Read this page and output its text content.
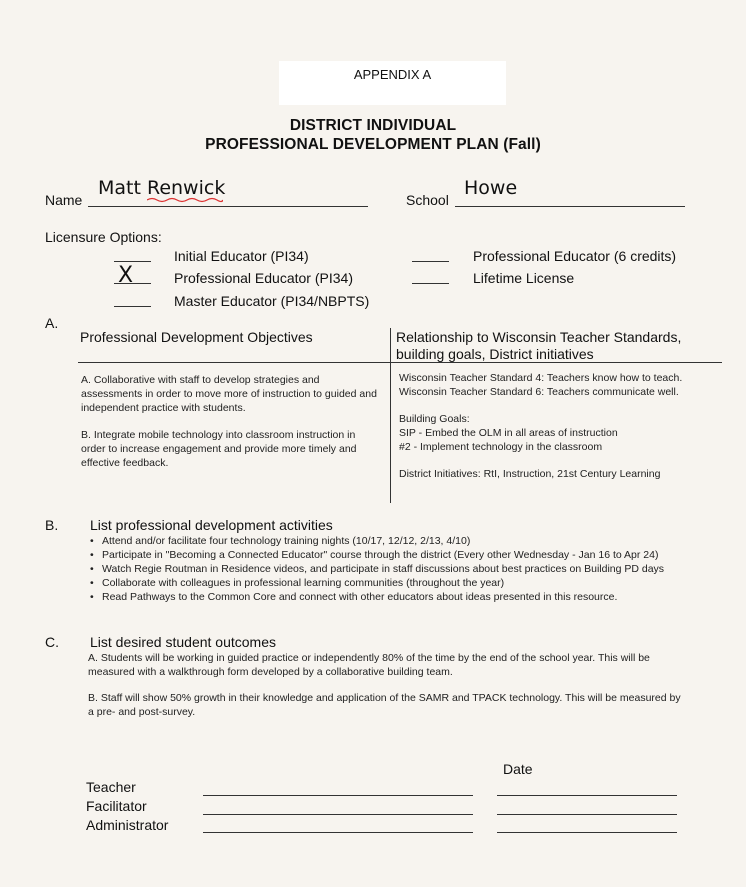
APPENDIX A
DISTRICT INDIVIDUAL
PROFESSIONAL DEVELOPMENT PLAN (Fall)
Name
Matt Renwick
School
Howe
Licensure Options:
Initial Educator (PI34)
X	Professional Educator (PI34)
Master Educator (PI34/NBPTS)
Professional Educator (6 credits)
Lifetime License
A.
Professional Development Objectives	Relationship to Wisconsin Teacher Standards,
building goals, District initiatives
A. Collaborative with staff to develop strategies and assessments in order to move more of instruction to guided and independent practice with students.
B. Integrate mobile technology into classroom instruction in order to increase engagement and provide more timely and effective feedback.
Wisconsin Teacher Standard 4: Teachers know how to teach.
Wisconsin Teacher Standard 6: Teachers communicate well.
Building Goals:
SIP - Embed the OLM in all areas of instruction
#2 - Implement technology in the classroom
District Initiatives: RtI, Instruction, 21st Century Learning
B. List professional development activities
• Attend and/or facilitate four technology training nights (10/17, 12/12, 2/13, 4/10)
• Participate in "Becoming a Connected Educator" course through the district (Every other Wednesday - Jan 16 to Apr 24)
• Watch Regie Routman in Residence videos, and participate in staff discussions about best practices on Building PD days
• Collaborate with colleagues in professional learning communities (throughout the year)
• Read Pathways to the Common Core and connect with other educators about ideas presented in this resource.
C. List desired student outcomes
A. Students will be working in guided practice or independently 80% of the time by the end of the school year. This will be measured with a walkthrough form developed by a collaborative building team.
B. Staff will show 50% growth in their knowledge and application of the SAMR and TPACK technology. This will be measured by a pre- and post-survey.
Date
Teacher
Facilitator
Administrator
